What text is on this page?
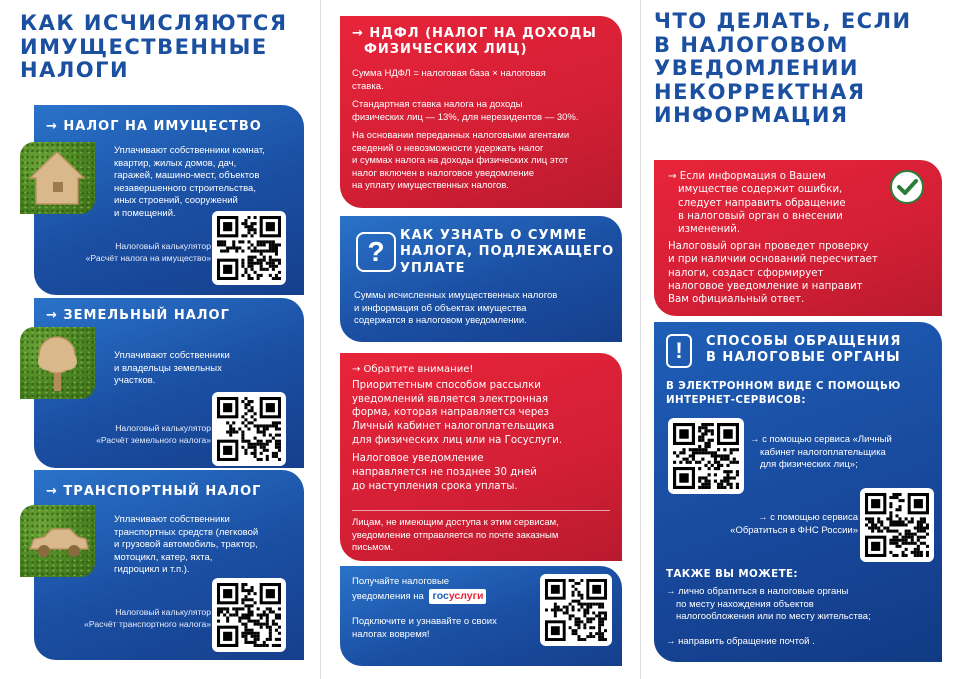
КАК ИСЧИСЛЯЮТСЯ
ИМУЩЕСТВЕННЫЕ
НАЛОГИ
→ НАЛОГ НА ИМУЩЕСТВО
Уплачивают собственники комнат,
квартир, жилых домов, дач,
гаражей, машино-мест, объектов
незавершенного строительства,
иных строений, сооружений
и помещений.
Налоговый калькулятор
«Расчёт налога на имущество»
→ ЗЕМЕЛЬНЫЙ НАЛОГ
Уплачивают собственники
и владельцы земельных
участков.
Налоговый калькулятор
«Расчёт земельного налога»
→ ТРАНСПОРТНЫЙ НАЛОГ
Уплачивают собственники
транспортных средств (легковой
и грузовой автомобиль, трактор,
мотоцикл, катер, яхта,
гидроцикл и т.п.).
Налоговый калькулятор
«Расчёт транспортного налога»
→ НДФЛ (НАЛОГ НА ДОХОДЫ
ФИЗИЧЕСКИХ ЛИЦ)
Сумма НДФЛ = налоговая база × налоговая
ставка.
Стандартная ставка налога на доходы
физических лиц — 13%, для нерезидентов — 30%.
На основании переданных налоговыми агентами
сведений о невозможности удержать налог
и суммах налога на доходы физических лиц этот
налог включен в налоговое уведомление
на уплату имущественных налогов.
?
КАК УЗНАТЬ О СУММЕ
НАЛОГА, ПОДЛЕЖАЩЕГО
УПЛАТЕ
Суммы исчисленных имущественных налогов
и информация об объектах имущества
содержатся в налоговом уведомлении.
→ Обратите внимание!
Приоритетным способом рассылки
уведомлений является электронная
форма, которая направляется через
Личный кабинет налогоплательщика
для физических лиц или на Госуслуги.
Налоговое уведомление
направляется не позднее 30 дней
до наступления срока уплаты.
Лицам, не имеющим доступа к этим сервисам,
уведомление отправляется по почте заказным
письмом.
Получайте налоговые
уведомления на госуслуги
Подключите и узнавайте о своих
налогах вовремя!
ЧТО ДЕЛАТЬ, ЕСЛИ
В НАЛОГОВОМ
УВЕДОМЛЕНИИ
НЕКОРРЕКТНАЯ
ИНФОРМАЦИЯ
→ Если информация о Вашем
имуществе содержит ошибки,
следует направить обращение
в налоговый орган о внесении
изменений.
Налоговый орган проведет проверку
и при наличии оснований пересчитает
налоги, создаст сформирует
налоговое уведомление и направит
Вам официальный ответ.
!	СПОСОБЫ ОБРАЩЕНИЯ
В НАЛОГОВЫЕ ОРГАНЫ
В ЭЛЕКТРОННОМ ВИДЕ С ПОМОЩЬЮ
ИНТЕРНЕТ-СЕРВИСОВ:
→ с помощью сервиса «Личный
кабинет налогоплательщика
для физических лиц»;
→ с помощью сервиса
«Обратиться в ФНС России»
ТАКЖЕ ВЫ МОЖЕТЕ:
→ лично обратиться в налоговые органы
по месту нахождения объектов
налогообложения или по месту жительства;
→ направить обращение почтой .
